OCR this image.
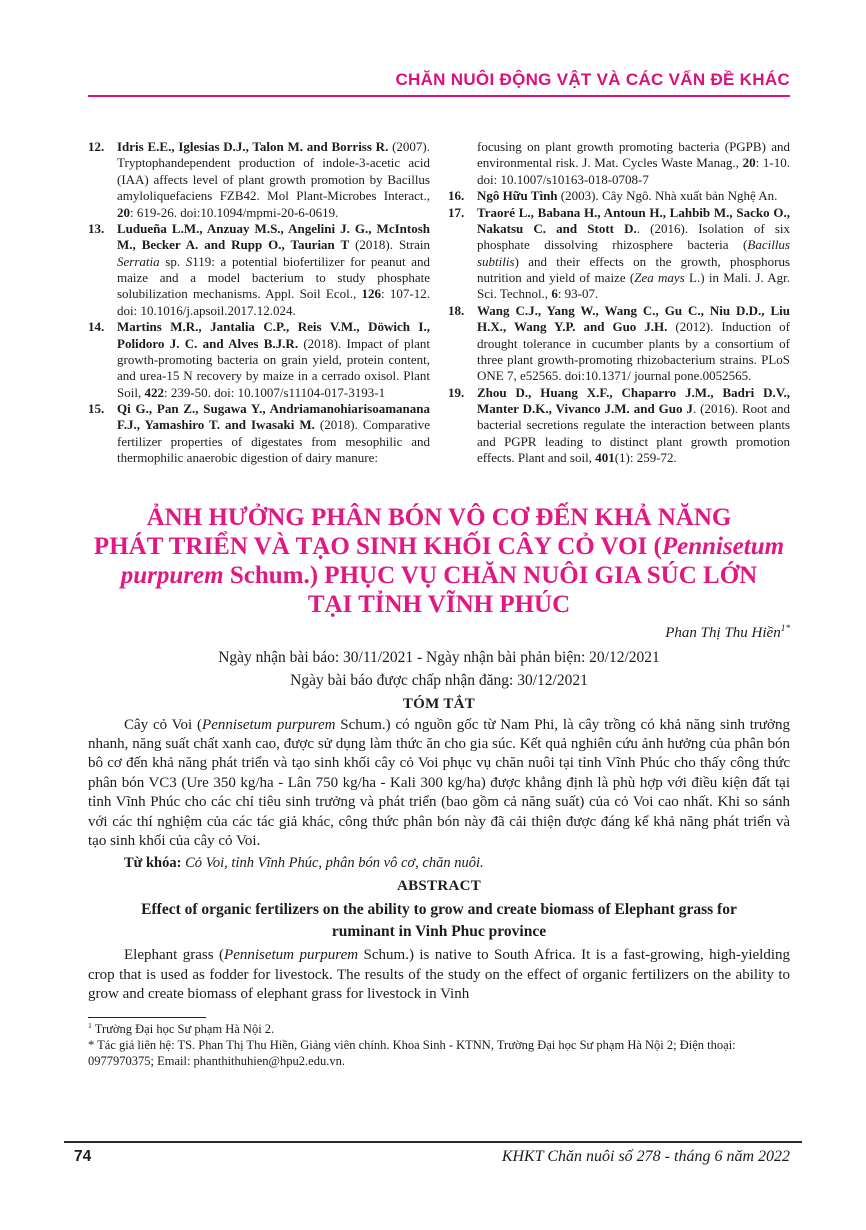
CHĂN NUÔI ĐỘNG VẬT VÀ CÁC VẤN ĐỀ KHÁC
12. Idris E.E., Iglesias D.J., Talon M. and Borriss R. (2007). Tryptophandependent production of indole-3-acetic acid (IAA) affects level of plant growth promotion by Bacillus amyloliquefaciens FZB42. Mol Plant-Microbes Interact., 20: 619-26. doi:10.1094/mpmi-20-6-0619.
13. Ludueña L.M., Anzuay M.S., Angelini J. G., McIntosh M., Becker A. and Rupp O., Taurian T (2018). Strain Serratia sp. S119: a potential biofertilizer for peanut and maize and a model bacterium to study phosphate solubilization mechanisms. Appl. Soil Ecol., 126: 107-12. doi: 10.1016/j.apsoil.2017.12.024.
14. Martins M.R., Jantalia C.P., Reis V.M., Döwich I., Polidoro J. C. and Alves B.J.R. (2018). Impact of plant growth-promoting bacteria on grain yield, protein content, and urea-15 N recovery by maize in a cerrado oxisol. Plant Soil, 422: 239-50. doi: 10.1007/s11104-017-3193-1
15. Qi G., Pan Z., Sugawa Y., Andriamanohiarisoamanana F.J., Yamashiro T. and Iwasaki M. (2018). Comparative fertilizer properties of digestates from mesophilic and thermophilic anaerobic digestion of dairy manure:
focusing on plant growth promoting bacteria (PGPB) and environmental risk. J. Mat. Cycles Waste Manag., 20: 1-10. doi: 10.1007/s10163-018-0708-7
16. Ngô Hữu Tình (2003). Cây Ngô. Nhà xuất bản Nghệ An.
17. Traoré L., Babana H., Antoun H., Lahbib M., Sacko O., Nakatsu C. and Stott D.. (2016). Isolation of six phosphate dissolving rhizosphere bacteria (Bacillus subtilis) and their effects on the growth, phosphorus nutrition and yield of maize (Zea mays L.) in Mali. J. Agr. Sci. Technol., 6: 93-07.
18. Wang C.J., Yang W., Wang C., Gu C., Niu D.D., Liu H.X., Wang Y.P. and Guo J.H. (2012). Induction of drought tolerance in cucumber plants by a consortium of three plant growth-promoting rhizobacterium strains. PLoS ONE 7, e52565. doi:10.1371/ journal pone.0052565.
19. Zhou D., Huang X.F., Chaparro J.M., Badri D.V., Manter D.K., Vivanco J.M. and Guo J. (2016). Root and bacterial secretions regulate the interaction between plants and PGPR leading to distinct plant growth promotion effects. Plant and soil, 401(1): 259-72.
ẢNH HƯỞNG PHÂN BÓN VÔ CƠ ĐẾN KHẢ NĂNG
PHÁT TRIỂN VÀ TẠO SINH KHỐI CÂY CỎ VOI (Pennisetum
purpurem Schum.) PHỤC VỤ CHĂN NUÔI GIA SÚC LỚN
TẠI TỈNH VĨNH PHÚC
Phan Thị Thu Hiền$^{1*}$
Ngày nhận bài báo: 30/11/2021 - Ngày nhận bài phản biện: 20/12/2021
Ngày bài báo được chấp nhận đăng: 30/12/2021
TÓM TẮT

Cây cỏ Voi (Pennisetum purpurem Schum.) có nguồn gốc từ Nam Phi, là cây trồng có khả năng sinh trưởng nhanh, năng suất chất xanh cao, được sử dụng làm thức ăn cho gia súc. Kết quả nghiên cứu ảnh hưởng của phân bón bô cơ đến khả năng phát triển và tạo sinh khối cây cỏ Voi phục vụ chăn nuôi tại tỉnh Vĩnh Phúc cho thấy công thức phân bón VC3 (Ure 350 kg/ha - Lân 750 kg/ha - Kali 300 kg/ha) được khẳng định là phù hợp với điều kiện đất tại tỉnh Vĩnh Phúc cho các chỉ tiêu sinh trưởng và phát triển (bao gồm cả năng suất) của cỏ Voi cao nhất. Khi so sánh với các thí nghiệm của các tác giả khác, công thức phân bón này đã cải thiện được đáng kể khả năng phát triển và tạo sinh khối của cây cỏ Voi.

Từ khóa: Cỏ Voi, tỉnh Vĩnh Phúc, phân bón vô cơ, chăn nuôi.

ABSTRACT
Effect of organic fertilizers on the ability to grow and create biomass of Elephant grass for ruminant in Vinh Phuc province

Elephant grass (Pennisetum purpurem Schum.) is native to South Africa. It is a fast-growing, high-yielding crop that is used as fodder for livestock. The results of the study on the effect of organic fertilizers on the ability to grow and create biomass of elephant grass for livestock in Vinh

$^1$ Trường Đại học Sư phạm Hà Nội 2.
* Tác giả liên hệ: TS. Phan Thị Thu Hiền, Giảng viên chính. Khoa Sinh - KTNN, Trường Đại học Sư phạm Hà Nội 2; Điện thoại: 0977970375; Email: phanthithuhien@hpu2.edu.vn.
74	KHKT Chăn nuôi số 278 - tháng 6 năm 2022
